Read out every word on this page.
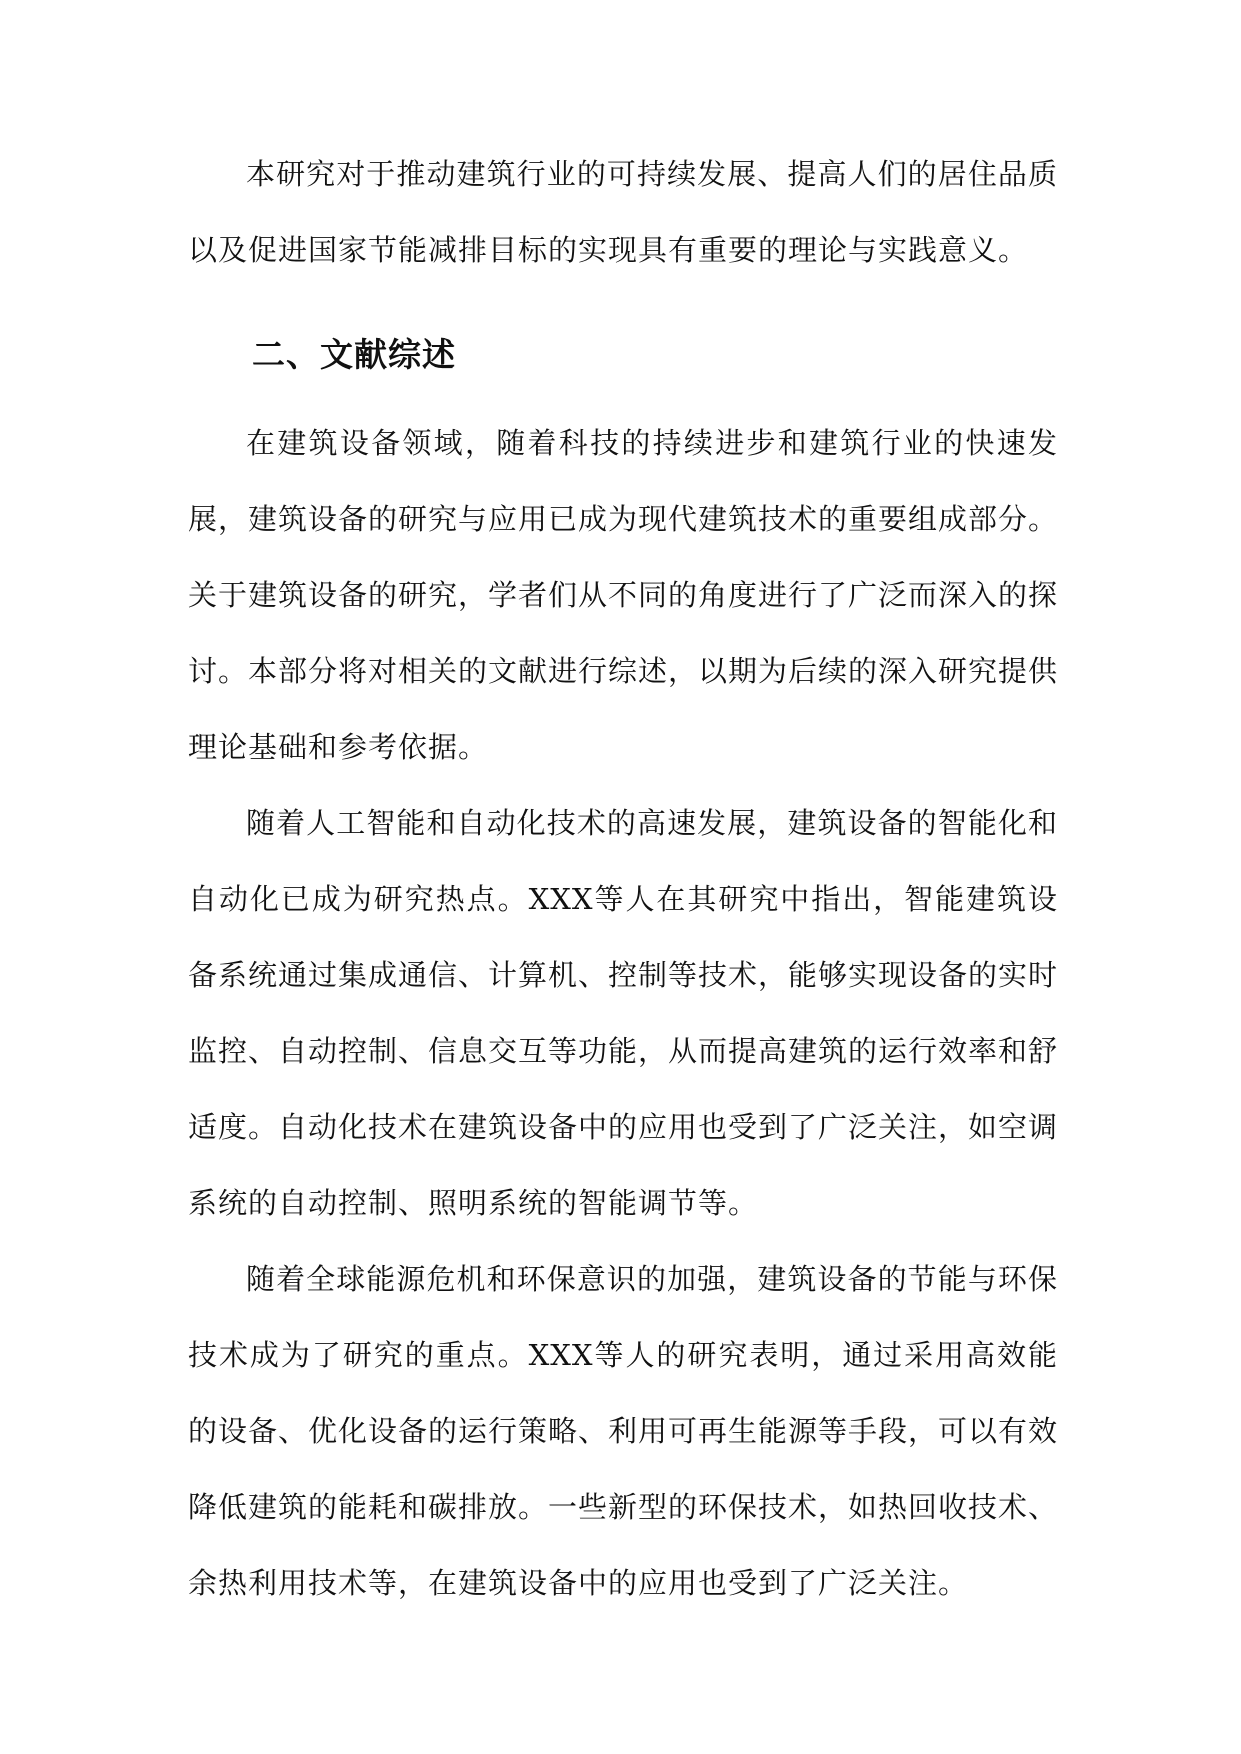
本研究对于推动建筑行业的可持续发展、提高人们的居住品质以及促进国家节能减排目标的实现具有重要的理论与实践意义。

二、文献综述

在建筑设备领域，随着科技的持续进步和建筑行业的快速发展，建筑设备的研究与应用已成为现代建筑技术的重要组成部分。关于建筑设备的研究，学者们从不同的角度进行了广泛而深入的探讨。本部分将对相关的文献进行综述，以期为后续的深入研究提供理论基础和参考依据。

随着人工智能和自动化技术的高速发展，建筑设备的智能化和自动化已成为研究热点。XXX等人在其研究中指出，智能建筑设备系统通过集成通信、计算机、控制等技术，能够实现设备的实时监控、自动控制、信息交互等功能，从而提高建筑的运行效率和舒适度。自动化技术在建筑设备中的应用也受到了广泛关注，如空调系统的自动控制、照明系统的智能调节等。

随着全球能源危机和环保意识的加强，建筑设备的节能与环保技术成为了研究的重点。XXX等人的研究表明，通过采用高效能的设备、优化设备的运行策略、利用可再生能源等手段，可以有效降低建筑的能耗和碳排放。一些新型的环保技术，如热回收技术、余热利用技术等，在建筑设备中的应用也受到了广泛关注。
